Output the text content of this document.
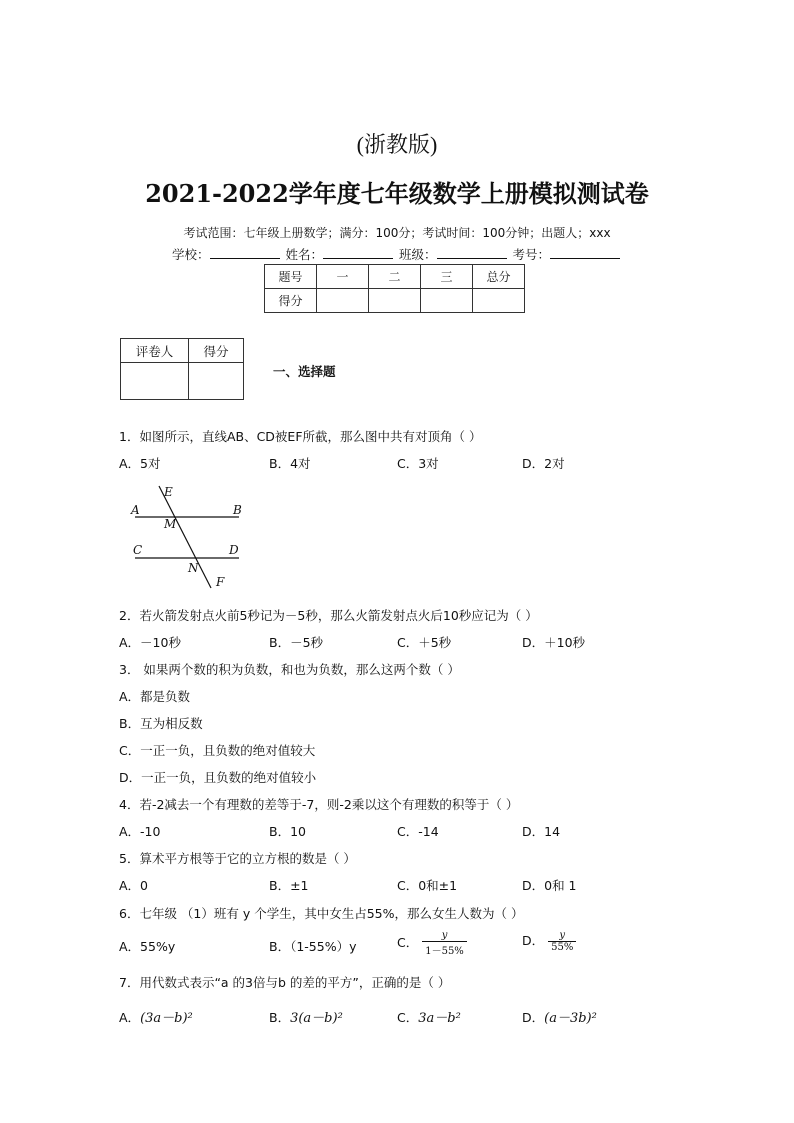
(浙教版)
2021-2022学年度七年级数学上册模拟测试卷
考试范围：七年级上册数学；满分：100分；考试时间：100分钟；出题人；xxx
学校：	姓名：	班级：	考号：
题号	一	二	三	总分
得分				
评卷人	得分

一、选择题
1．如图所示，直线AB、CD被EF所截，那么图中共有对顶角（ ）
A．5对	B．4对	C．3对	D．2对
E
A	B
M
C	D
N
F
2．若火箭发射点火前5秒记为－5秒，那么火箭发射点火后10秒应记为（ ）
A．－10秒	B．－5秒	C．＋5秒	D．＋10秒
3． 如果两个数的积为负数，和也为负数，那么这两个数（ ）
A．都是负数
B．互为相反数
C．一正一负，且负数的绝对值较大
D．一正一负，且负数的绝对值较小
4．若-2减去一个有理数的差等于-7，则-2乘以这个有理数的积等于（ ）
A．-10	B．10	C．-14	D．14
5．算术平方根等于它的立方根的数是（ ）
A．0	B．±1	C．0和±1	D．0和 1
6．七年级 （1）班有 y 个学生，其中女生占55%，那么女生人数为（ ）
A．55%y	B．（1-55%）y	C． $\frac{y}{1-55\%}$	D． $\frac{y}{55\%}$
7．用代数式表示“a 的3倍与b 的差的平方”，正确的是（ ）
A．(3a－b)²	B．3(a－b)²	C．3a－b²	D．(a－3b)²
